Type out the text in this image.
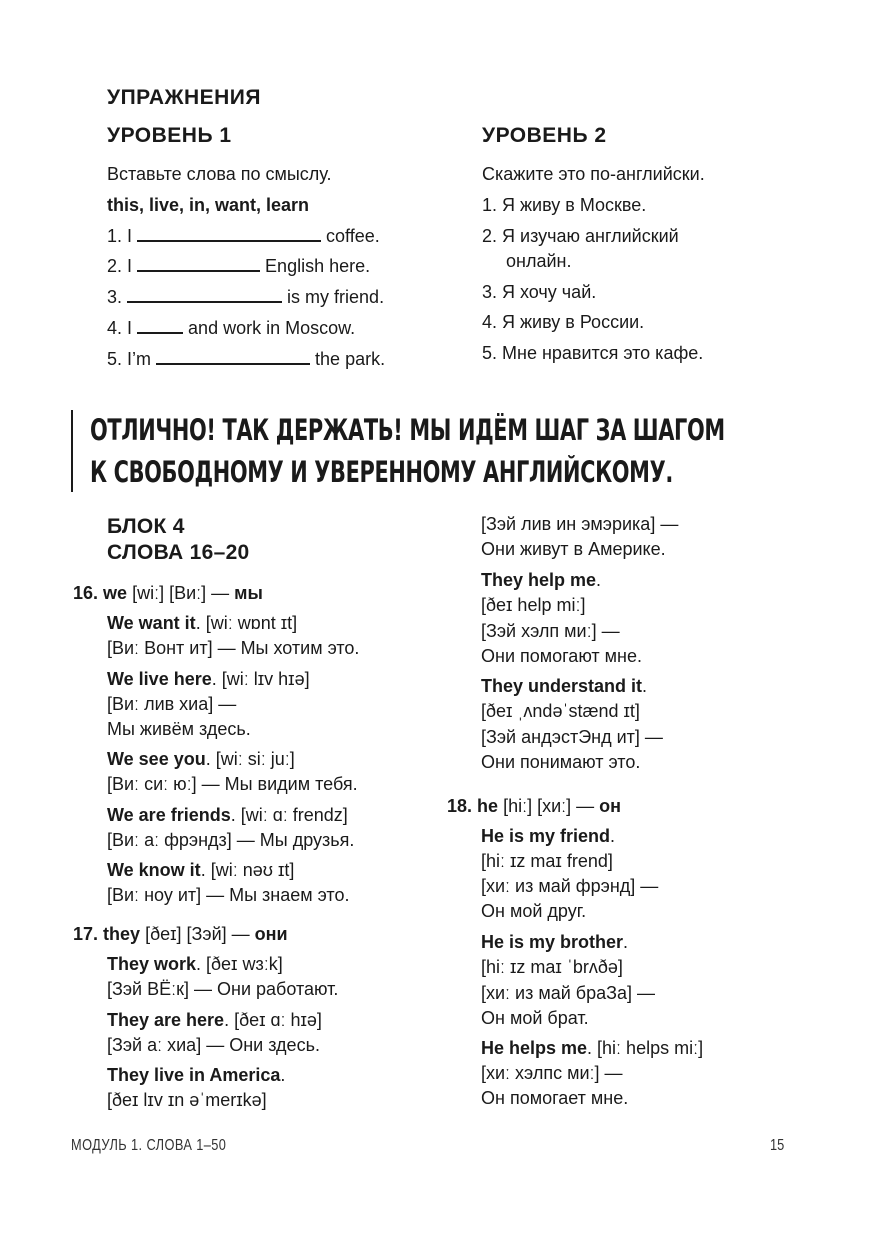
УПРАЖНЕНИЯ
УРОВЕНЬ 1
Вставьте слова по смыслу.
this, live, in, want, learn
1. I	coffee.
2. I	English here.
3.	is my friend.
4. I	and work in Moscow.
5. I’m	the park.
УРОВЕНЬ 2
Скажите это по-английски.
1. Я живу в Москве.
2. Я изучаю английский
онлайн.
3. Я хочу чай.
4. Я живу в России.
5. Мне нравится это кафе.
ОТЛИЧНО! ТАК ДЕРЖАТЬ! МЫ ИДЁМ ШАГ ЗА ШАГОМ
К СВОБОДНОМУ И УВЕРЕННОМУ АНГЛИЙСКОМУ.
БЛОК 4
СЛОВА 16–20
16. we [wiː] [Виː] — мы
We want it. [wiː wɒnt ɪt]
[Виː Вонт ит] — Мы хотим это.
We live here. [wiː lɪv hɪə]
[Виː лив хиа] —
Мы живём здесь.
We see you. [wiː siː juː]
[Виː сиː юː] — Мы видим тебя.
We are friends. [wiː ɑː frendz]
[Виː аː фрэндз] — Мы друзья.
We know it. [wiː nəʊ ɪt]
[Виː ноу ит] — Мы знаем это.
17. they [ðeɪ] [Зэй] — они
They work. [ðeɪ wɜːk]
[Зэй ВЁːк] — Они работают.
They are here. [ðeɪ ɑː hɪə]
[Зэй аː хиа] — Они здесь.
They live in America.
[ðeɪ lɪv ɪn əˈmerɪkə]
[Зэй лив ин эмэрика] —
Они живут в Америке.
They help me.
[ðeɪ help miː]
[Зэй хэлп миː] —
Они помогают мне.
They understand it.
[ðeɪ ˌʌndəˈstænd ɪt]
[Зэй андэстЭнд ит] —
Они понимают это.
18. he [hiː] [хиː] — он
He is my friend.
[hiː ɪz maɪ frend]
[хиː из май фрэнд] —
Он мой друг.
He is my brother.
[hiː ɪz maɪ ˈbrʌðə]
[хиː из май браЗа] —
Он мой брат.
He helps me. [hiː helps miː]
[хиː хэлпс миː] —
Он помогает мне.
МОДУЛЬ 1. СЛОВА 1–50	15
